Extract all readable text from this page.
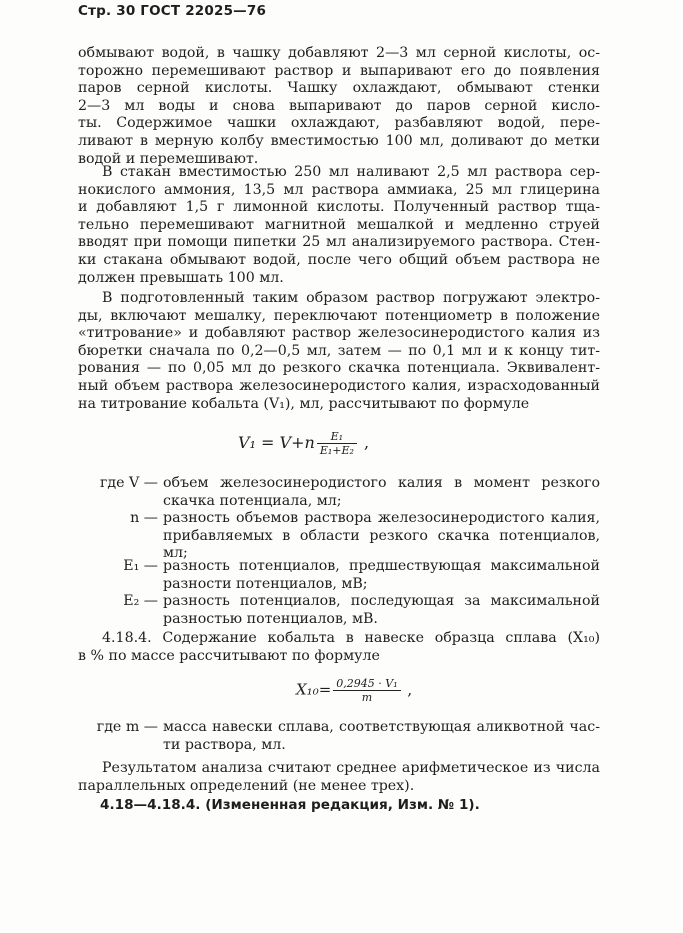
Стр. 30 ГОСТ 22025—76
обмывают водой, в чашку добавляют 2—3 мл серной кислоты, ос-
торожно перемешивают раствор и выпаривают его до появления
паров серной кислоты. Чашку охлаждают, обмывают стенки
2—3 мл воды и снова выпаривают до паров серной кисло-
ты. Содержимое чашки охлаждают, разбавляют водой, пере-
ливают в мерную колбу вместимостью 100 мл, доливают до метки
водой и перемешивают.
В стакан вместимостью 250 мл наливают 2,5 мл раствора сер-
нокислого аммония, 13,5 мл раствора аммиака, 25 мл глицерина
и добавляют 1,5 г лимонной кислоты. Полученный раствор тща-
тельно перемешивают магнитной мешалкой и медленно струей
вводят при помощи пипетки 25 мл анализируемого раствора. Стен-
ки стакана обмывают водой, после чего общий объем раствора не
должен превышать 100 мл.
В подготовленный таким образом раствор погружают электро-
ды, включают мешалку, переключают потенциометр в положение
«титрование» и добавляют раствор железосинеродистого калия из
бюретки сначала по 0,2—0,5 мл, затем — по 0,1 мл и к концу тит-
рования — по 0,05 мл до резкого скачка потенциала. Эквивалент-
ный объем раствора железосинеродистого калия, израсходованный
на титрование кобальта (V₁), мл, рассчитывают по формуле
$V_1 = V+n \frac{\text{E₁}}{\text{E₁+E₂}}$ ,
где V — объем железосинеродистого калия в момент резкого
скачка потенциала, мл;
n — разность объемов раствора железосинеродистого калия,
прибавляемых в области резкого скачка потенциалов,
мл;
E₁ — разность потенциалов, предшествующая максимальной
разности потенциалов, мВ;
E₂ — разность потенциалов, последующая за максимальной
разностью потенциалов, мВ.
4.18.4. Содержание кобальта в навеске образца сплава (X₁₀)
в % по массе рассчитывают по формуле
$X_{10}= \frac{\text{0,2945 · V₁}}{m}$ ,
где m — масса навески сплава, соответствующая аликвотной час-
ти раствора, мл.
Результатом анализа считают среднее арифметическое из числа
параллельных определений (не менее трех).
4.18—4.18.4. (Измененная редакция, Изм. № 1).
